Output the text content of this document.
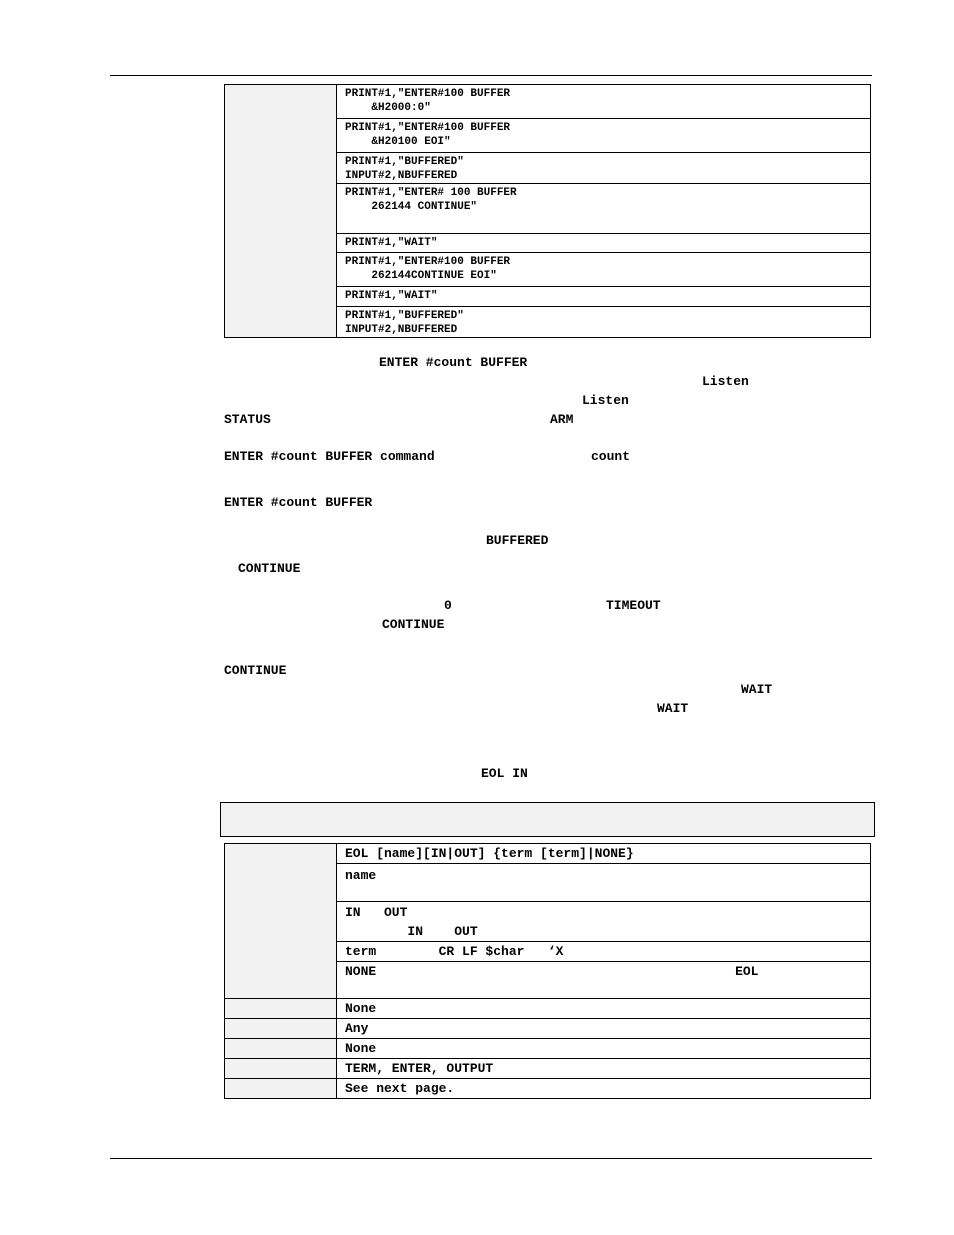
PRINT#1,"ENTER#100 BUFFER
&H2000:0"

PRINT#1,"ENTER#100 BUFFER
&H20100 EOI"

PRINT#1,"BUFFERED"
INPUT#2,NBUFFERED

PRINT#1,"ENTER# 100 BUFFER
262144 CONTINUE"

PRINT#1,"WAIT"

PRINT#1,"ENTER#100 BUFFER
262144CONTINUE EOI"

PRINT#1,"WAIT"

PRINT#1,"BUFFERED"
INPUT#2,NBUFFERED
ENTER #count BUFFER
Listen
Listen
STATUS	ARM
ENTER #count BUFFER command	count
ENTER #count BUFFER
BUFFERED
CONTINUE
0	TIMEOUT
CONTINUE
CONTINUE
WAIT
WAIT
EOL IN

	EOL [name][IN|OUT] {term [term]|NONE}

	name

	IN   OUT
IN    OUT

	term        CR LF $char   ‘X

	NONE                                              EOL

	None

	Any

	None

	TERM, ENTER, OUTPUT

	See next page.
